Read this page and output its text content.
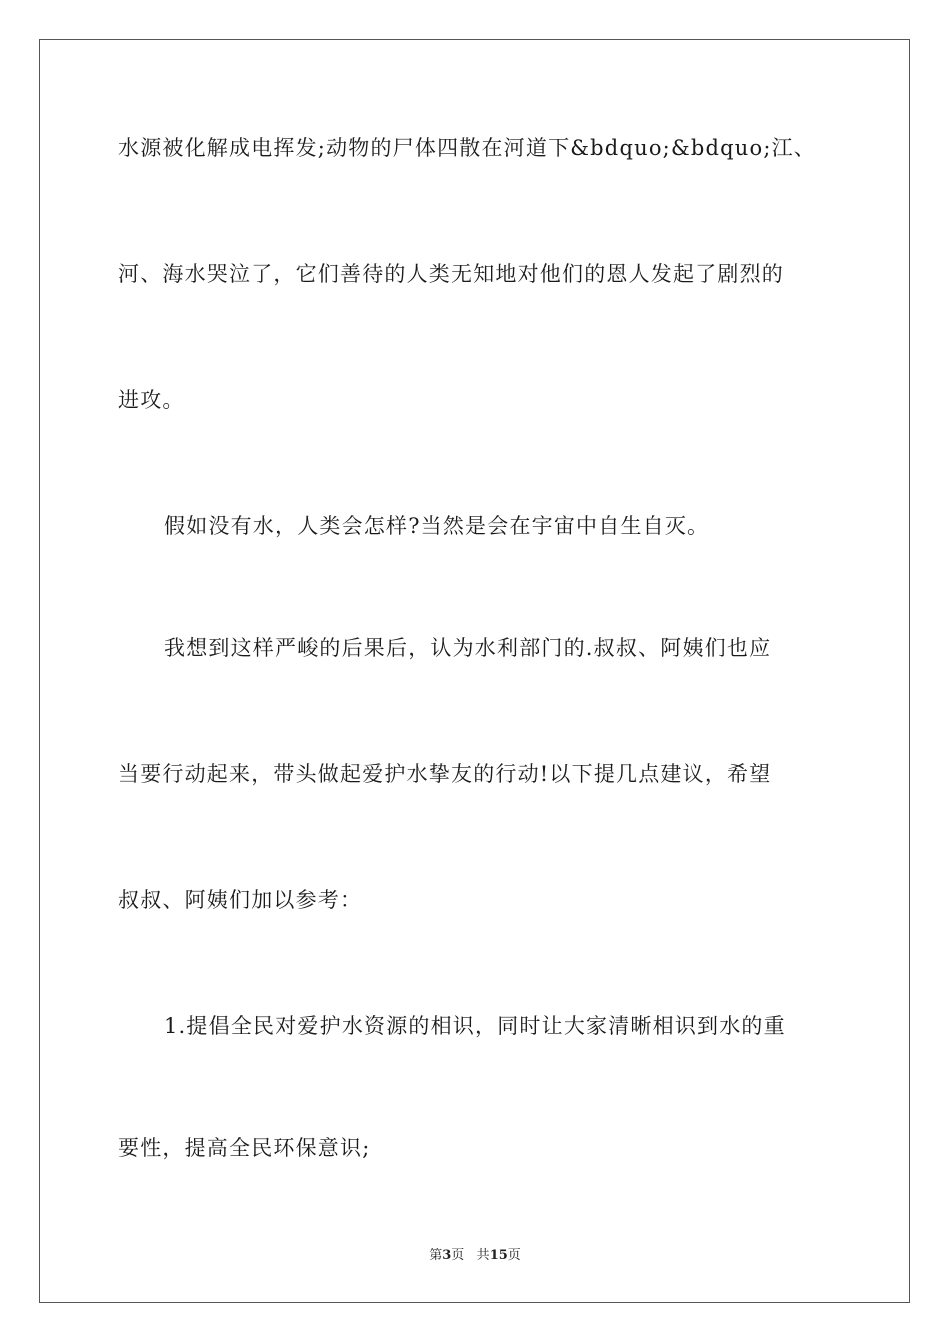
水源被化解成电挥发;动物的尸体四散在河道下&bdquo;&bdquo;江、
河、海水哭泣了，它们善待的人类无知地对他们的恩人发起了剧烈的
进攻。
假如没有水，人类会怎样?当然是会在宇宙中自生自灭。
我想到这样严峻的后果后，认为水利部门的.叔叔、阿姨们也应
当要行动起来，带头做起爱护水挚友的行动!以下提几点建议，希望
叔叔、阿姨们加以参考：
1.提倡全民对爱护水资源的相识，同时让大家清晰相识到水的重
要性，提高全民环保意识;
第3页 共15页
